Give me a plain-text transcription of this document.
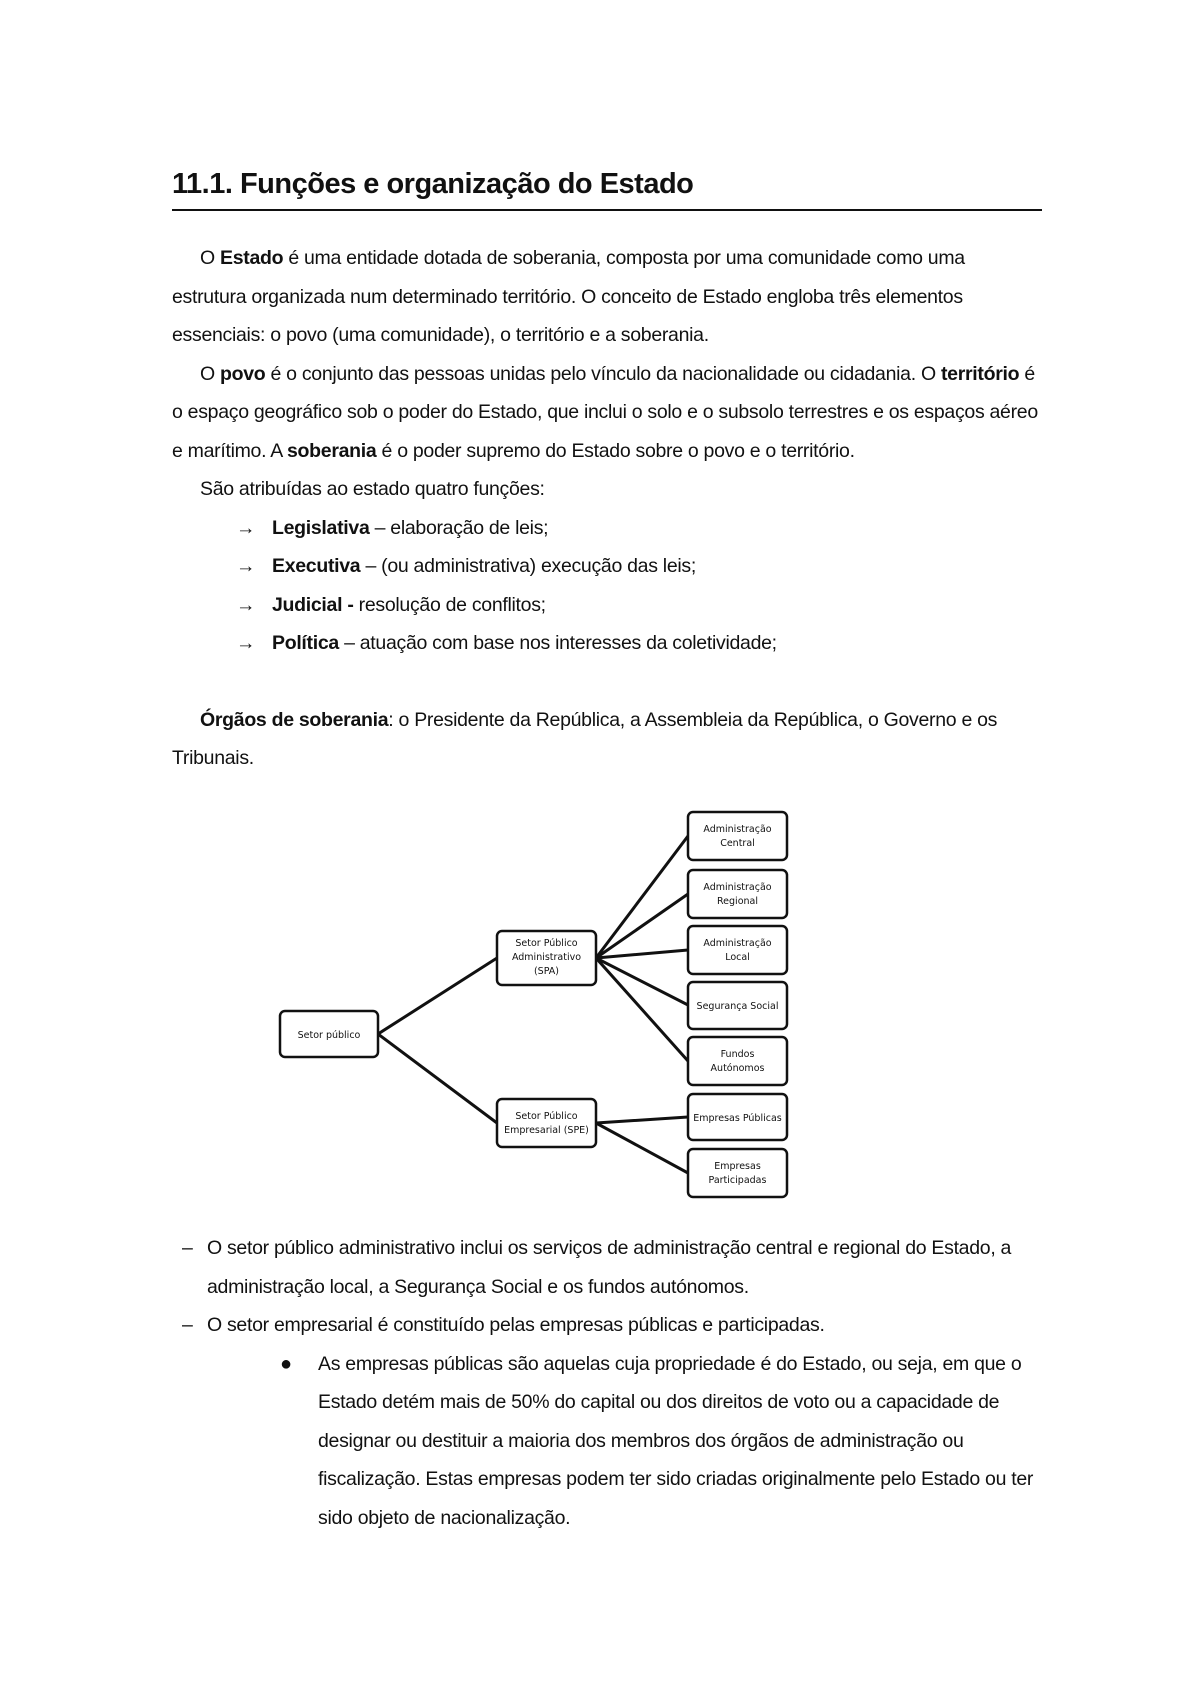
11.1. Funções e organização do Estado

O Estado é uma entidade dotada de soberania, composta por uma comunidade como uma estrutura organizada num determinado território. O conceito de Estado engloba três elementos essenciais: o povo (uma comunidade), o território e a soberania.

O povo é o conjunto das pessoas unidas pelo vínculo da nacionalidade ou cidadania. O território é o espaço geográfico sob o poder do Estado, que inclui o solo e o subsolo terrestres e os espaços aéreo e marítimo. A soberania é o poder supremo do Estado sobre o povo e o território.

São atribuídas ao estado quatro funções:

→ Legislativa – elaboração de leis;
→ Executiva – (ou administrativa) execução das leis;
→ Judicial - resolução de conflitos;
→ Política – atuação com base nos interesses da coletividade;

Órgãos de soberania: o Presidente da República, a Assembleia da República, o Governo e os Tribunais.

Setor público
Setor Público
Administrativo
(SPA)
Setor Público
Empresarial (SPE)
Administração
Central
Administração
Regional
Administração
Local
Segurança Social
Fundos
Autónomos
Empresas Públicas
Empresas
Participadas
– O setor público administrativo inclui os serviços de administração central e regional do Estado, a administração local, a Segurança Social e os fundos autónomos.
– O setor empresarial é constituído pelas empresas públicas e participadas.
● As empresas públicas são aquelas cuja propriedade é do Estado, ou seja, em que o Estado detém mais de 50% do capital ou dos direitos de voto ou a capacidade de designar ou destituir a maioria dos membros dos órgãos de administração ou fiscalização. Estas empresas podem ter sido criadas originalmente pelo Estado ou ter sido objeto de nacionalização.
